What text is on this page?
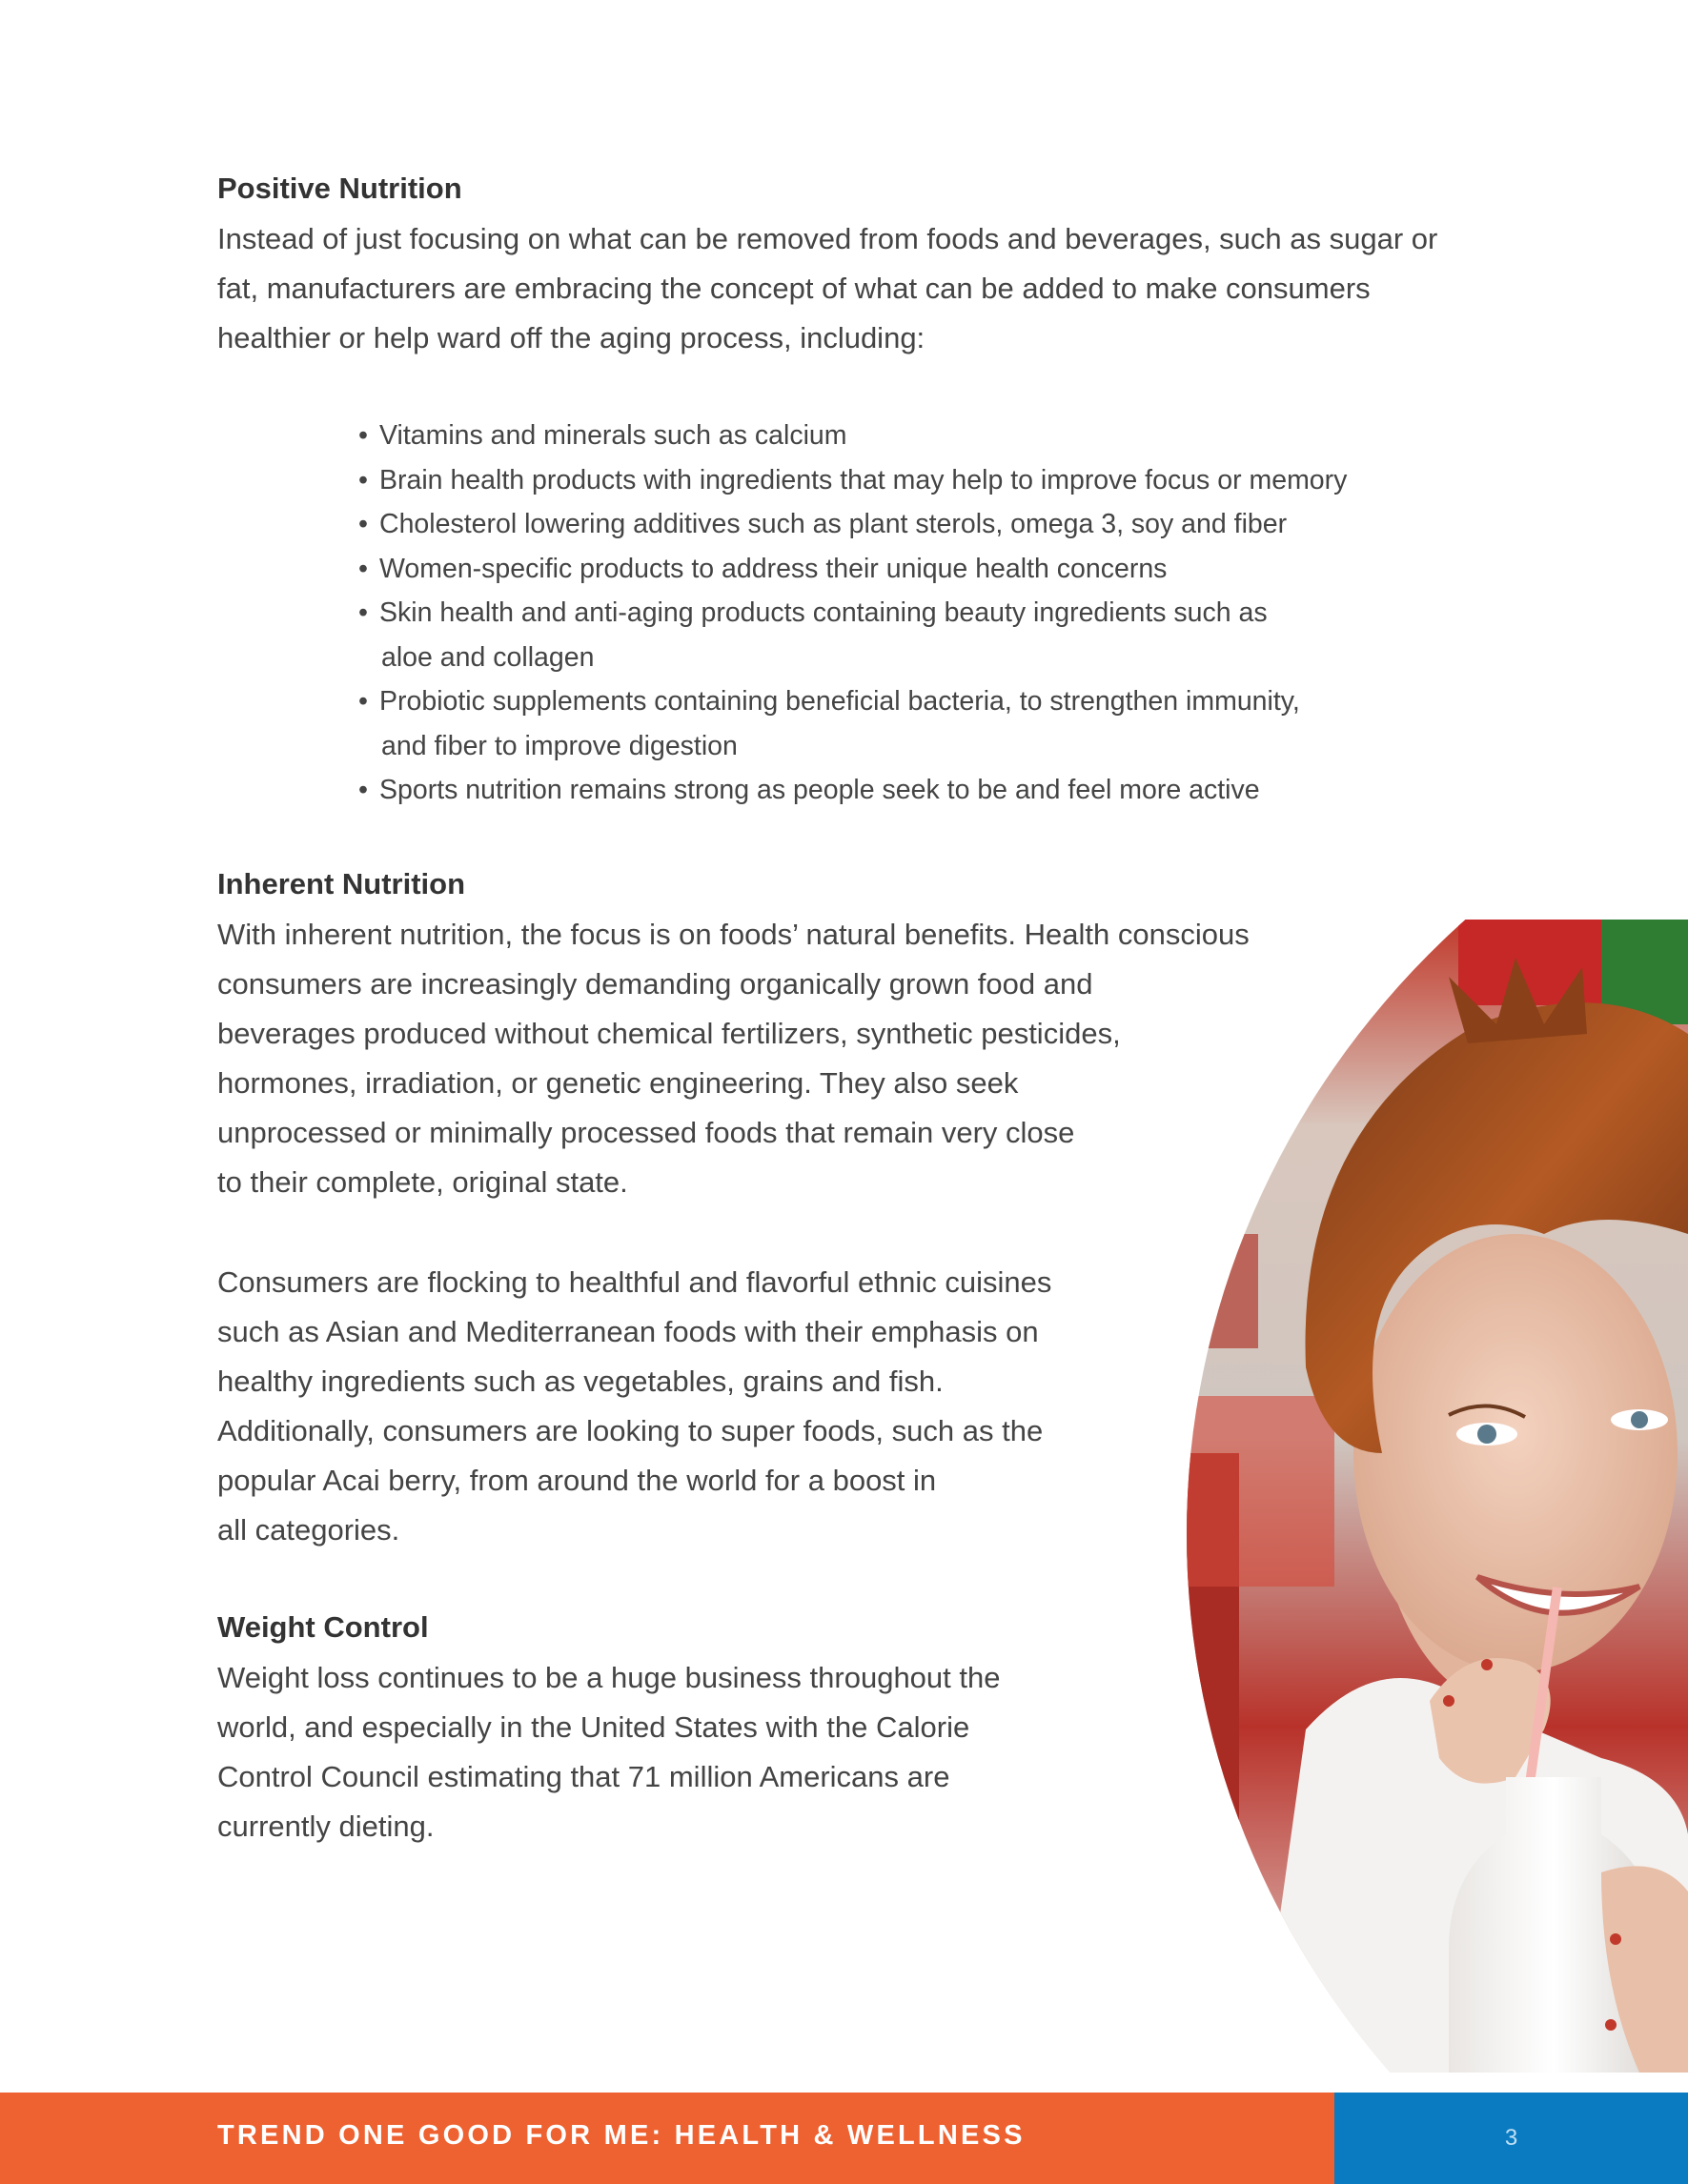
Positive Nutrition
Instead of just focusing on what can be removed from foods and beverages, such as sugar or
fat, manufacturers are embracing the concept of what can be added to make consumers
healthier or help ward off the aging process, including:
• Vitamins and minerals such as calcium
• Brain health products with ingredients that may help to improve focus or memory
• Cholesterol lowering additives such as plant sterols, omega 3, soy and fiber
• Women-specific products to address their unique health concerns
• Skin health and anti-aging products containing beauty ingredients such as
aloe and collagen
• Probiotic supplements containing beneficial bacteria, to strengthen immunity,
and fiber to improve digestion
• Sports nutrition remains strong as people seek to be and feel more active
Inherent Nutrition
With inherent nutrition, the focus is on foods’ natural benefits. Health conscious
consumers are increasingly demanding organically grown food and
beverages produced without chemical fertilizers, synthetic pesticides,
hormones, irradiation, or genetic engineering. They also seek
unprocessed or minimally processed foods that remain very close
to their complete, original state.
Consumers are flocking to healthful and flavorful ethnic cuisines
such as Asian and Mediterranean foods with their emphasis on
healthy ingredients such as vegetables, grains and fish.
Additionally, consumers are looking to super foods, such as the
popular Acai berry, from around the world for a boost in
all categories.
Weight Control
Weight loss continues to be a huge business throughout the
world, and especially in the United States with the Calorie
Control Council estimating that 71 million Americans are
currently dieting.
TREND ONE GOOD FOR ME: HEALTH & WELLNESS	3
